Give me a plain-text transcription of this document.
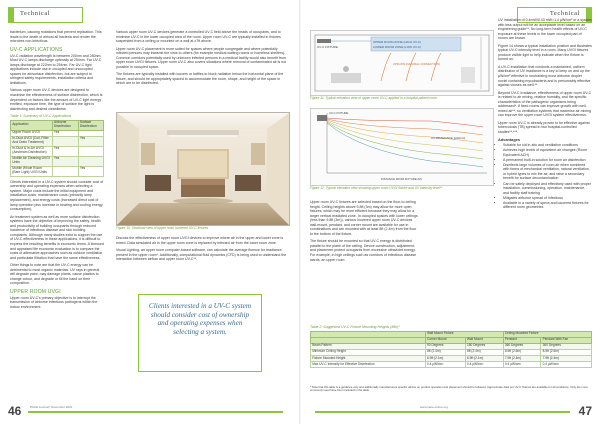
Technical

bacterium, causing mutations that prevent replication. This leads to the death of almost all bacteria and render the microbes non-infectious.

UV-C APPLICATIONS

UV-C radiation wavelength is between 200nm and 280nm. Most UV-C lamps discharge optimally at 254nm. Far UV-C lamps discharge at 222nm to 254nm. Far UV-C light applications include use in occupied and unoccupied spaces for air/surface disinfection, but are subject to stringent safety requirements, installation criteria and limitations.

Various upper room UV-C devices are designed to maximise the effectiveness of surface disinfection, which is dependent on factors like the amount of UV-C light energy emitted, exposure time, the type of surface the light is disinfecting and desired cleanliness.

Table 1: Summary of UV-C Applications
Application	Airborne Disinfection	Surface Disinfection
Upper Room UVGI	Yes	
In-Duct UVGI (Coil, Filter And Drain Treatment)		Yes
In-Duct & In-Air UVGI (Airstream Disinfection)	Yes	
Mobile Air Cleaning UVGI Units	Yes	
Mobile Whole Room (Bare Light) UVGI Units		Yes

Clients interested in a UV-C system should consider cost of ownership and operating expenses when selecting a system. Major costs include the initial equipment and installation costs, maintenance costs (primarily lamp replacement), and energy costs (increased direct cost of lamp operation plus increase in heating and cooling energy consumption).

An treatment system as well as more surface disinfection systems have the objective of improving the safety, health and productivity of building occupants through reduced incidence of infectious disease and sick building complaints. Although many studies exist to support the use of UV-C effectiveness in these applications, it is difficult to express the resulting benefits in economic terms. A licensed and appraised life economic evaluation is to compare the costs of alternative approaches such as outdoor ventilation and particulate filtration that have the same effectiveness.

Other things to note are that the UV-C energy can be detrimental to most organic materials. UV rays in general will degrade paint, may damage plants, cause plastics to change colour, and degrade or fill the band on their composition.

UPPER ROOM UVGI

Upper room UV-C's primary objective is to interrupt the transmission of airborne infectious pathogens within the indoor environment.

Various upper room UV-C devices generate a controlled UV-C field above the heads of occupants, and to minimise UV-C in the lower occupied area of the room. Upper room UV-C are typically installed in fixtures suspended from a ceiling or mounted on a wall at ≥7ft above.

Upper room UV-C placement is more suited for spaces where people congregate and where potentially infected persons may transmit the virus to others (for example medical waiting rooms or homeless shelters). Common corridors potentially used by unknown infected persons in a medical facility would also benefit from upper room UVGI fixtures. Upper room UV-C also covers situations where removal of contaminated air is not possible in occupied space.

The fixtures are typically installed with louvers or baffles to block radiation below the horizontal plane of the fixture, and should be appropriately spaced to accommodate the room, shape, and height of the space in which are to be disinfected.

Figure 10. Sectional view of upper room louvered UV-C fixtures

Discuss the effectiveness of upper room UVGI devices to improve where air in the upper and lower zone is mixed. Data simulated air in the upper room zone is replaced by infected air from the lower room zone.

Visual Lighting, an upper room computer-based software, can calculate the average fluence for irradiance present in the upper room*. Additionally, computational fluid dynamics (CFD) is being used to understand the interaction between airflow and upper room UV-C**.

Clients interested in a UV-C system should consider cost of ownership and operating expenses when selecting a system.
46	PACE Journal | November 2021
Technical
UV-C FIXTURE
UPPER ROOM ZONE (HIGH UV-C)
LOWER ROOM ZONE (LOW UV-C)
UPFLOW (NATURAL CONVECTION)
Figure 11: Typical elevation view of upper room UV-C applied in a hospital patient room
UV-C FIXTURE
UV IRRADIANCE (µW/cm²)
DISTANCE FROM FIXTURE (M)
Figure 12: Typical elevation view showing upper room UVGI fixture and UV intensity level**

Upper room UV-C fixtures are selected based on the floor-to-ceiling height. Ceiling heights above 9.8ft (3m) may allow for more open fixtures, which may be more efficient because they may allow for a larger vertical irradiated zone. In occupied spaces with lower ceilings (less than 9.8ft (3m)), various louvered upper room UV-C devices wall-mount, pendant, and corner mount are available for use in combinations and are mounted with at least 8ft (2.4m) from the floor to the bottom of the fixture.

The fixture should be mounted so that UV-C energy is distributed parallel to the plane of the ceiling. Device construction, adjustment, and placement protect occupants from excessive ultraviolet energy. For example, in high ceilings such as corridors of infectious disease wards, an upper room

UV installation of 0.4mW/0.43 mW=1.4 µW/cm² or a system with less output will be an acceptable level based on an engineering guide**. No long-term health effects of UV-C exposure at these levels in the lower occupied part of rooms are known.

Figure 14 shows a typical installation position and illustrates typical UV-C intensity level in a room. Many UVGI fixtures produce visible light to help indicate when the fixture is turned on.

A UV-C installation that conducts a maintained, uniform distribution of UV irradiance is a key to keep on and up the µW/cm² effective in neutralizing most airborne droplet nuclei containing mycobacteria and is presumably effective against viruses as well.**

Beyond UV-C irradiance, effectiveness of upper room UV-C is related to air mixing, relative humidity, and the specific characteristics of the pathogenic organisms being addressed*. If fixed rooms can improve growth with well-mixed air**, so ventilation systems that maximise air mixing can improve the upper room UVGI system effectiveness.

Upper room UV-C is already proven to be effective against tuberculosis (TB) spread in two hospital-controlled studies**,***.

Advantages
• Suitable for old in-situ and ventilation conditions
• Achieves high levels of equivalent air changes (Room Equivalent ACH)
• A permanent built-in solution for room air disinfection
• Disinfects large volumes of room air when combined with forms of mechanical ventilation, natural ventilation, or hybrid types to mix the air, and raise a secondary benefit for surface decontamination
• Can be safely deployed and effectively used with proper installation, commissioning, operation, maintenance, and facility staff training
• Mitigates airborne spread of infectious
• Available in a variety of specs and louvered fixtures for different room geometries
Table 2: Suggested UV-C Fixture Mounting Heights (Min)*
	Wall Mount Fixture		Ceiling Mounted Fixture	
	Corner Mount	Wall Mount	Pendant	Pendant With Fan
Beam Pattern	90 Degrees	180 Degrees	360 Degrees	360 Degrees
Minimum Ceiling Height	8ft (2.4m)	8ft (2.4m)	8.5ft (2.6m)	8.5ft (2.6m)
Fixture Mounted Height	6.9ft (2.1m)	6.9ft (2.1m)	7.9ft (2.4m)	7.9ft (2.4m)
Max UV-C Intensity for Effective Disinfection	0.4 µW/cm²	0.4 µW/cm²	0.4 µW/cm²	0.4 µW/cm²
* Note that this table is a guidance only and additionally manufacturers specific advice on product operation and placement should be followed. Approximate data per UV-C fixtures are available for all conditions. Only the most commonly used have been included in the table.
www.pace-online.org	47
